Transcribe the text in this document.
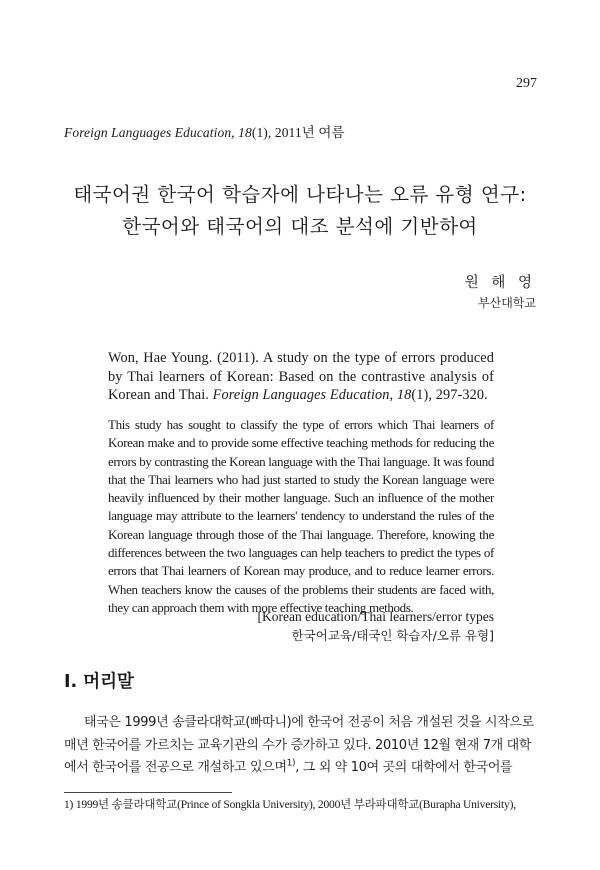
297
Foreign Languages Education, 18(1), 2011년 여름
태국어권 한국어 학습자에 나타나는 오류 유형 연구:
한국어와 태국어의 대조 분석에 기반하여
원 해 영
부산대학교
Won, Hae Young. (2011). A study on the type of errors produced by Thai learners of Korean: Based on the contrastive analysis of Korean and Thai. Foreign Languages Education, 18(1), 297-320.
This study has sought to classify the type of errors which Thai learners of Korean make and to provide some effective teaching methods for reducing the errors by contrasting the Korean language with the Thai language. It was found that the Thai learners who had just started to study the Korean language were heavily influenced by their mother language. Such an influence of the mother language may attribute to the learners' tendency to understand the rules of the Korean language through those of the Thai language. Therefore, knowing the differences between the two languages can help teachers to predict the types of errors that Thai learners of Korean may produce, and to reduce learner errors. When teachers know the causes of the problems their students are faced with, they can approach them with more effective teaching methods.
[Korean education/Thai learners/error types
한국어교육/태국인 학습자/오류 유형]
I. 머리말
태국은 1999년 송클라대학교(빠따니)에 한국어 전공이 처음 개설된 것을 시작으로
매년 한국어를 가르치는 교육기관의 수가 증가하고 있다. 2010년 12월 현재 7개 대학
에서 한국어를 전공으로 개설하고 있으며$^{1)}$, 그 외 약 10여 곳의 대학에서 한국어를
1) 1999년 송클라대학교(Prince of Songkla University), 2000년 부라파대학교(Burapha University),
